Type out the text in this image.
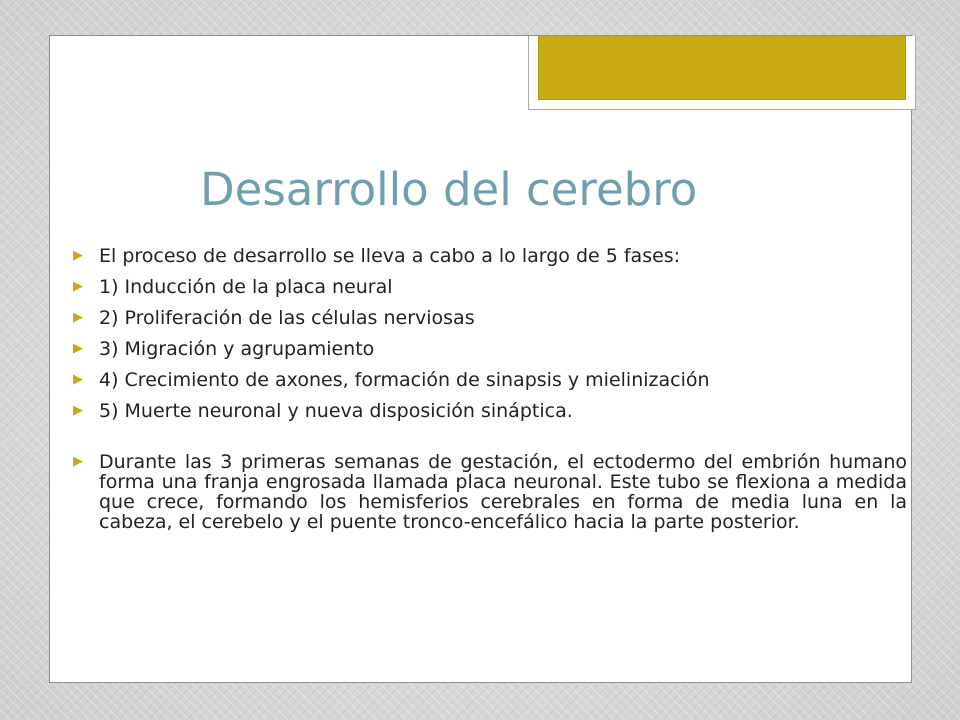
Desarrollo del cerebro
▶ El proceso de desarrollo se lleva a cabo a lo largo de 5 fases:
▶ 1) Inducción de la placa neural
▶ 2) Proliferación de las células nerviosas
▶ 3) Migración y agrupamiento
▶ 4) Crecimiento de axones, formación de sinapsis y mielinización
▶ 5) Muerte neuronal y nueva disposición sináptica.
▶ Durante las 3 primeras semanas de gestación, el ectodermo del embrión humano forma una franja engrosada llamada placa neuronal. Este tubo se flexiona a medida que crece, formando los hemisferios cerebrales en forma de media luna en la cabeza, el cerebelo y el puente tronco-encefálico hacia la parte posterior.
